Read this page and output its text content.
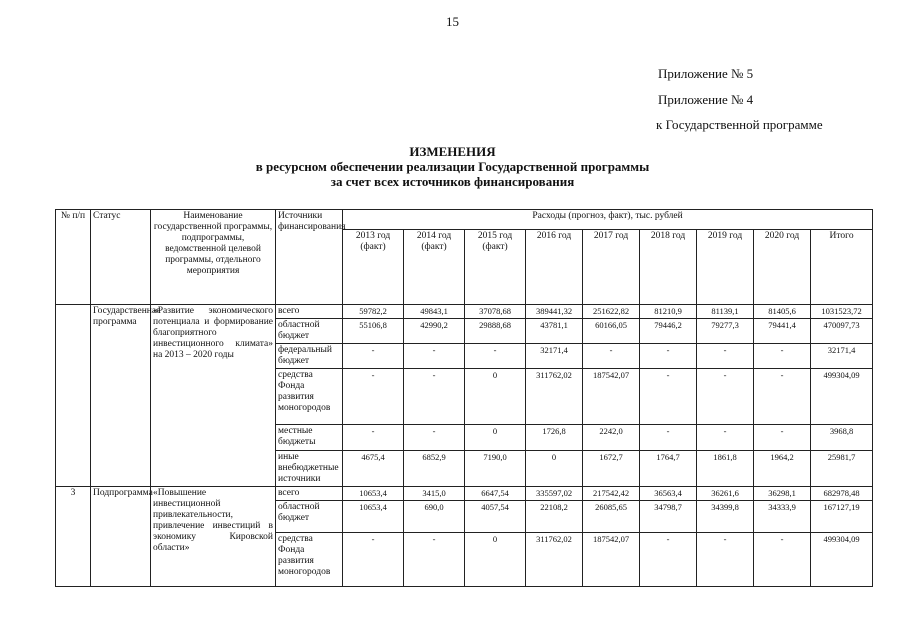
15
Приложение № 5
Приложение № 4
к Государственной программе
ИЗМЕНЕНИЯ
в ресурсном обеспечении реализации Государственной программы
за счет всех источников финансирования
№ п/п	Статус	Наименование государственной программы, подпрограммы, ведомственной целевой программы, отдельного мероприятия	Источники финансирования	Расходы (прогноз, факт), тыс. рублей								
				2013 год (факт)	2014 год (факт)	2015 год (факт)	2016 год	2017 год	2018 год	2019 год	2020 год	Итого
	Государственная программа	«Развитие экономического потенциала и формирование благоприятного инвестиционного климата» на 2013 – 2020 годы	всего	59782,2	49843,1	37078,68	389441,32	251622,82	81210,9	81139,1	81405,6	1031523,72
			областной бюджет	55106,8	42990,2	29888,68	43781,1	60166,05	79446,2	79277,3	79441,4	470097,73
			федеральный бюджет	-	-	-	32171,4	-	-	-	-	32171,4
			средства Фонда развития моногородов	-	-	0	311762,02	187542,07	-	-	-	499304,09
			местные бюджеты	-	-	0	1726,8	2242,0	-	-	-	3968,8
			иные внебюджетные источники	4675,4	6852,9	7190,0	0	1672,7	1764,7	1861,8	1964,2	25981,7
3	Подпрограмма	«Повышение инвестиционной привлекательности, привлечение инвестиций в экономику Кировской области»	всего	10653,4	3415,0	6647,54	335597,02	217542,42	36563,4	36261,6	36298,1	682978,48
			областной бюджет	10653,4	690,0	4057,54	22108,2	26085,65	34798,7	34399,8	34333,9	167127,19
			средства Фонда развития моногородов	-	-	0	311762,02	187542,07	-	-	-	499304,09
